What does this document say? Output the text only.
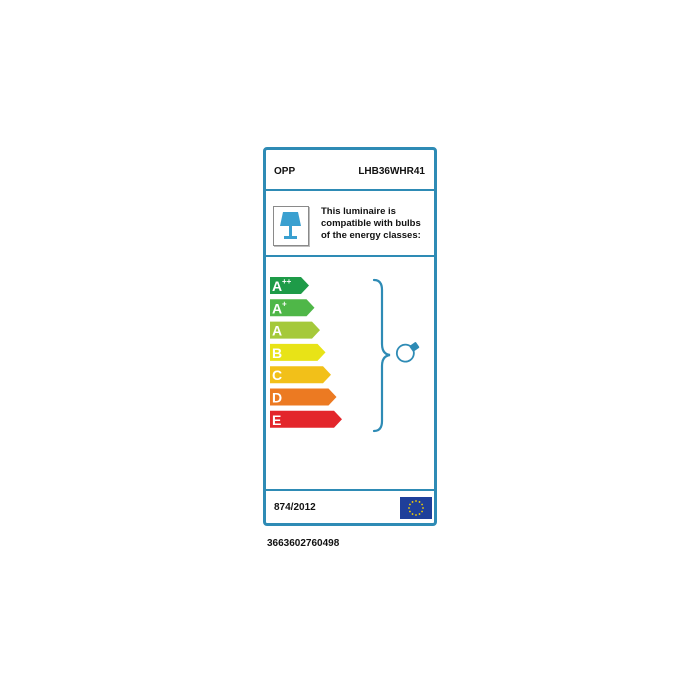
OPP	LHB36WHR41
This luminaire is compatible with bulbs of the energy classes:
A ++
A +
A
B
C
D
E
874/2012
3663602760498
